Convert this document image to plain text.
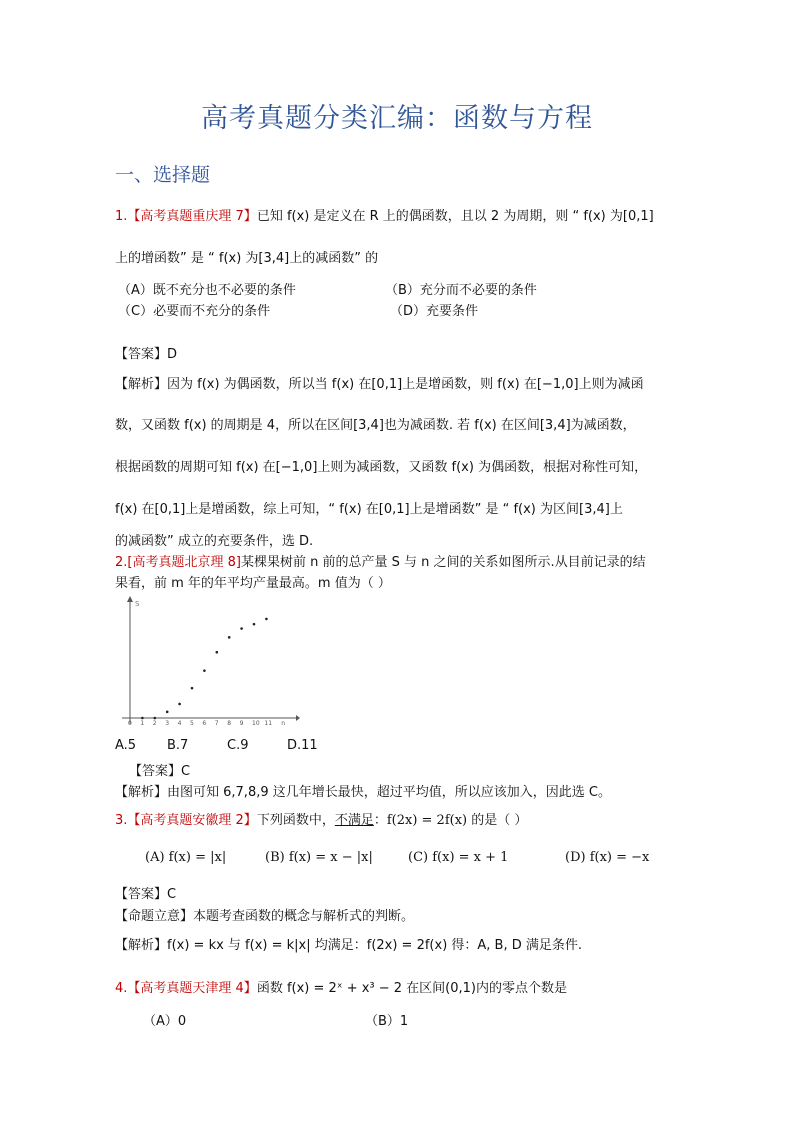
高考真题分类汇编：函数与方程
一、选择题
1.【高考真题重庆理 7】已知 f(x) 是定义在 R 上的偶函数，且以 2 为周期，则 “ f(x) 为[0,1]
上的增函数” 是 “ f(x) 为[3,4]上的减函数” 的
（A）既不充分也不必要的条件	（B）充分而不必要的条件
（C）必要而不充分的条件	（D）充要条件
【答案】D
【解析】因为 f(x) 为偶函数，所以当 f(x) 在[0,1]上是增函数，则 f(x) 在[−1,0]上则为减函
数，又函数 f(x) 的周期是 4，所以在区间[3,4]也为减函数. 若 f(x) 在区间[3,4]为减函数，
根据函数的周期可知 f(x) 在[−1,0]上则为减函数，又函数 f(x) 为偶函数，根据对称性可知，
f(x) 在[0,1]上是增函数，综上可知，“ f(x) 在[0,1]上是增函数” 是 “ f(x) 为区间[3,4]上
的减函数” 成立的充要条件，选 D.
2.[高考真题北京理 8]某棵果树前 n 前的总产量 S 与 n 之间的关系如图所示.从目前记录的结
果看，前 m 年的年平均产量最高。m 值为（ ）
S
0 1 2 3 4 5 6 7 8 9 10 11 n
A.5 B.7	C.9	D.11
【答案】C
【解析】由图可知 6,7,8,9 这几年增长最快，超过平均值，所以应该加入，因此选 C。
3.【高考真题安徽理 2】下列函数中，不满足：f(2x) = 2f(x) 的是（ ）
(A) f(x) = |x|	(B) f(x) = x − |x|	(C) f(x) = x + 1	(D) f(x) = −x
【答案】C
【命题立意】本题考查函数的概念与解析式的判断。
【解析】f(x) = kx 与 f(x) = k|x| 均满足：f(2x) = 2f(x) 得：A, B, D 满足条件.
4.【高考真题天津理 4】函数 f(x) = 2ˣ + x³ − 2 在区间(0,1)内的零点个数是
（A）0	（B）1
